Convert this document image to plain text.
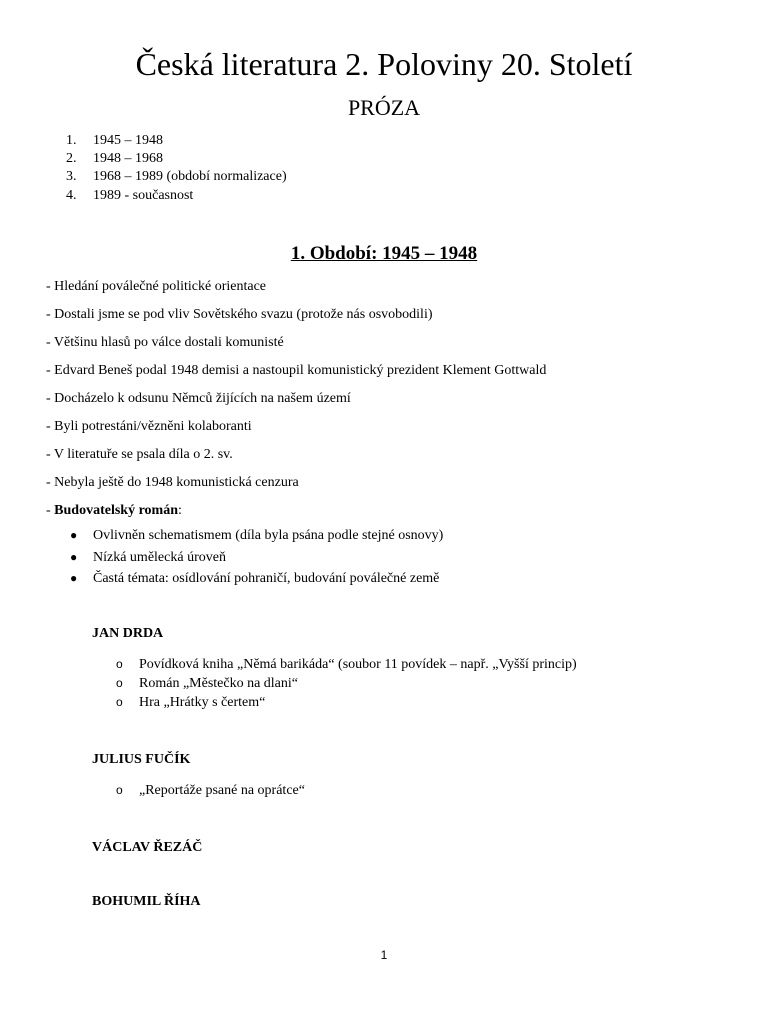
Česká literatura 2. Poloviny 20. Století
PRÓZA
1. 1945 – 1948
2. 1948 – 1968
3. 1968 – 1989 (období normalizace)
4. 1989 - současnost
1. Období: 1945 – 1948
- Hledání poválečné politické orientace
- Dostali jsme se pod vliv Sovětského svazu (protože nás osvobodili)
- Většinu hlasů po válce dostali komunisté
- Edvard Beneš podal 1948 demisi a nastoupil komunistický prezident Klement Gottwald
- Docházelo k odsunu Němců žijících na našem území
- Byli potrestáni/vězněni kolaboranti
- V literatuře se psala díla o 2. sv.
- Nebyla ještě do 1948 komunistická cenzura
- Budovatelský román:
● Ovlivněn schematismem (díla byla psána podle stejné osnovy)
● Nízká umělecká úroveň
● Častá témata: osídlování pohraničí, budování poválečné země
JAN DRDA
o Povídková kniha „Němá barikáda“ (soubor 11 povídek – např. „Vyšší princip)
o Román „Městečko na dlani“
o Hra „Hrátky s čertem“
JULIUS FUČÍK
o „Reportáže psané na oprátce“
VÁCLAV ŘEZÁČ
BOHUMIL ŘÍHA
1
